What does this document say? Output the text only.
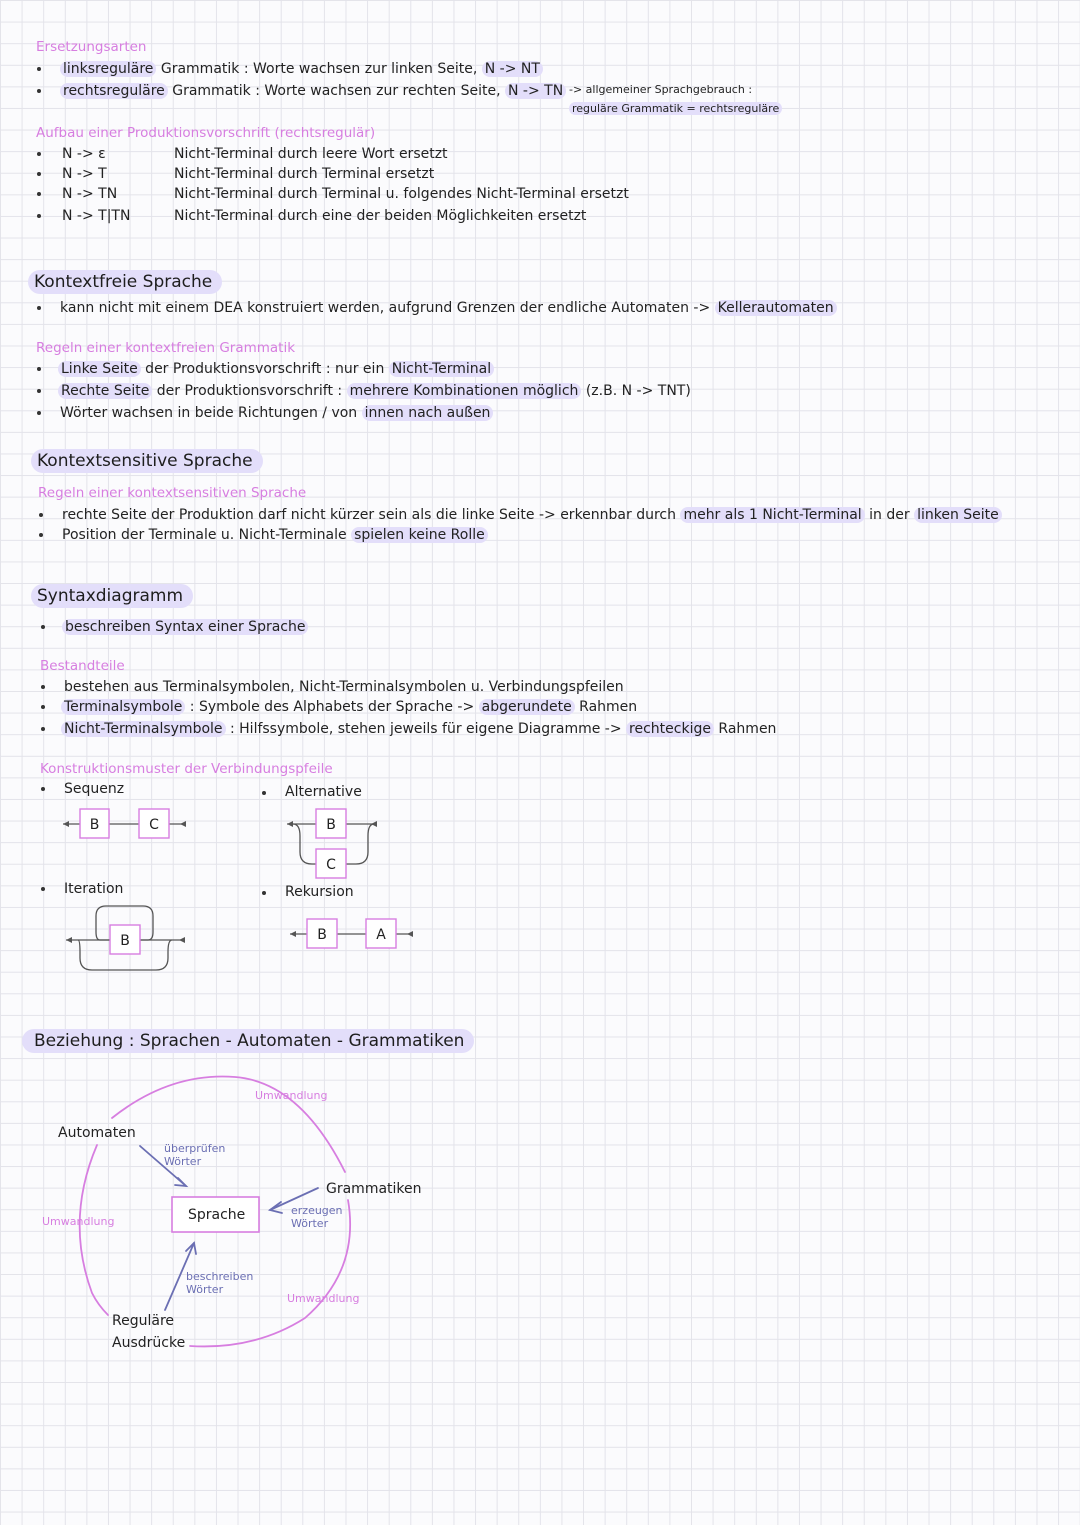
Ersetzungsarten
linksreguläre Grammatik : Worte wachsen zur linken Seite, N -> NT
rechtsreguläre Grammatik : Worte wachsen zur rechten Seite, N -> TN -> allgemeiner Sprachgebrauch :
reguläre Grammatik = rechtsreguläre
Aufbau einer Produktionsvorschrift (rechtsregulär)
N -> ε	Nicht-Terminal durch leere Wort ersetzt
N -> T	Nicht-Terminal durch Terminal ersetzt
N -> TN	Nicht-Terminal durch Terminal u. folgendes Nicht-Terminal ersetzt
N -> T|TN	Nicht-Terminal durch eine der beiden Möglichkeiten ersetzt
Kontextfreie Sprache
kann nicht mit einem DEA konstruiert werden, aufgrund Grenzen der endliche Automaten -> Kellerautomaten
Regeln einer kontextfreien Grammatik
Linke Seite der Produktionsvorschrift : nur ein Nicht-Terminal
Rechte Seite der Produktionsvorschrift : mehrere Kombinationen möglich (z.B. N -> TNT)
Wörter wachsen in beide Richtungen / von innen nach außen
Kontextsensitive Sprache
Regeln einer kontextsensitiven Sprache
rechte Seite der Produktion darf nicht kürzer sein als die linke Seite -> erkennbar durch mehr als 1 Nicht-Terminal in der linken Seite
Position der Terminale u. Nicht-Terminale spielen keine Rolle
Syntaxdiagramm
beschreiben Syntax einer Sprache
Bestandteile
bestehen aus Terminalsymbolen, Nicht-Terminalsymbolen u. Verbindungspfeilen
Terminalsymbole : Symbole des Alphabets der Sprache -> abgerundete Rahmen
Nicht-Terminalsymbole : Hilfssymbole, stehen jeweils für eigene Diagramme -> rechteckige Rahmen
Konstruktionsmuster der Verbindungspfeile
Sequenz	Alternative
Iteration	Rekursion
B	C	B
C
B	B	A
Beziehung : Sprachen - Automaten - Grammatiken
Automaten
Grammatiken
Sprache
Reguläre
Ausdrücke
Umwandlung
Umwandlung
Umwandlung
überprüfen
Wörter
erzeugen
Wörter
beschreiben
Wörter
